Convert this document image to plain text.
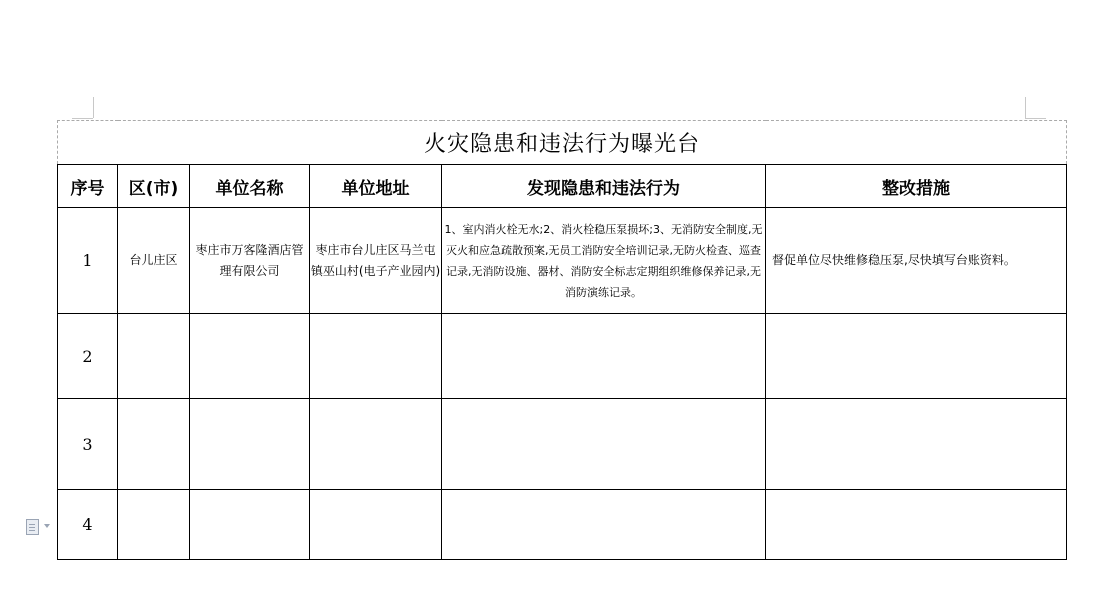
火灾隐患和违法行为曝光台					
序号	区(市)	单位名称	单位地址	发现隐患和违法行为	整改措施
1	台儿庄区	枣庄市万客隆酒店管理有限公司	枣庄市台儿庄区马兰屯镇巫山村(电子产业园内)	1、室内消火栓无水;2、消火栓稳压泵损坏;3、无消防安全制度,无灭火和应急疏散预案,无员工消防安全培训记录,无防火检查、巡查记录,无消防设施、器材、消防安全标志定期组织维修保养记录,无消防演练记录。	督促单位尽快维修稳压泵,尽快填写台账资料。
2					
3					
4					
